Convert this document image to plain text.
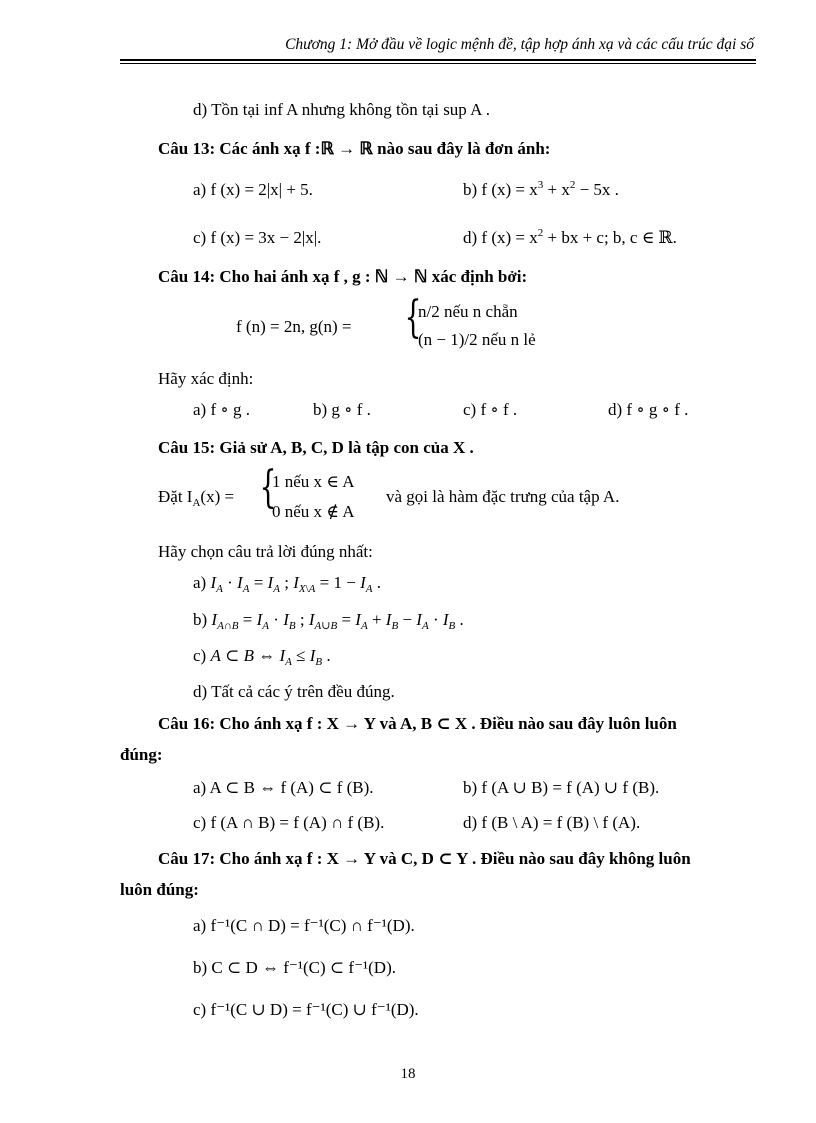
Chương 1: Mở đầu về logic mệnh đề, tập hợp ánh xạ và các cấu trúc đại số
d) Tồn tại inf A nhưng không tồn tại sup A .
Câu 13: Các ánh xạ f :ℝ → ℝ nào sau đây là đơn ánh:
a) f (x) = 2|x| + 5.	b) f $(x) = x^3 + x^2 - 5x$ .
c) f (x) = 3x − 2|x|.	d) f $(x) = x^2$ + bx + c; b, c ∈ ℝ.
Câu 14: Cho hai ánh xạ f , g : ℕ → ℕ xác định bởi:
f (n) = 2n, g(n) = {
n/2 nếu n chẵn
(n − 1)/2 nếu n lẻ
Hãy xác định:
a) f ∘ g .	b) g ∘ f .	c) f ∘ f .	d) f ∘ g ∘ f .
Câu 15: Giả sử A, B, C, D là tập con của X .
Đặt $I_A(x)$ = {
1 nếu x ∈ A
0 nếu x ∉ A
và gọi là hàm đặc trưng của tập A.
Hãy chọn câu trả lời đúng nhất:
a) $I_A \cdot I_A = I_A$ ; $I_{X\backslash A} = 1 - I_A$ .
b) $I_{A\cap B} = I_A \cdot I_B$ ; $I_{A\cup B} = I_A + I_B - I_A \cdot I_B$ .
c) A ⊂ B ⇔ $I_A \le I_B$ .
d) Tất cả các ý trên đều đúng.
Câu 16: Cho ánh xạ f : X → Y và A, B ⊂ X . Điều nào sau đây luôn luôn
đúng:
a) A ⊂ B ⇔ f (A) ⊂ f (B).	b) f (A ∪ B) = f (A) ∪ f (B).
c) f (A ∩ B) = f (A) ∩ f (B).	d) f (B \ A) = f (B) \ f (A).
Câu 17: Cho ánh xạ f : X → Y và C, D ⊂ Y . Điều nào sau đây không luôn
luôn đúng:
a) f⁻¹(C ∩ D) = f⁻¹(C) ∩ f⁻¹(D).
b) C ⊂ D ⇔ f⁻¹(C) ⊂ f⁻¹(D).
c) f⁻¹(C ∪ D) = f⁻¹(C) ∪ f⁻¹(D).
18
